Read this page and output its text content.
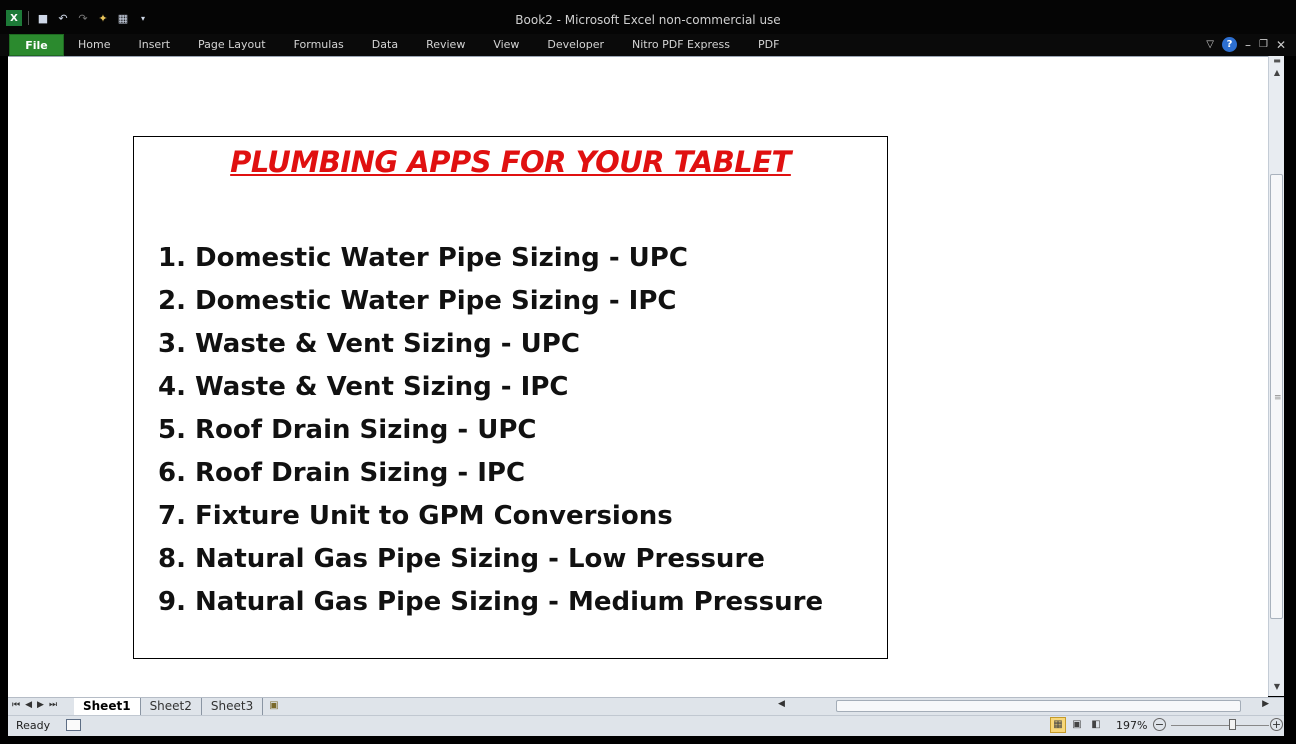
X	■ ↶ ↷ ✦ ▦	▾	Book2 - Microsoft Excel non-commercial use
File	Home	Insert	Page Layout	Formulas	Data	Review	View	Developer	Nitro PDF Express	PDF	▽	?	– ❐ ✕
PLUMBING APPS FOR YOUR TABLET
1. Domestic Water Pipe Sizing - UPC
2. Domestic Water Pipe Sizing - IPC
3. Waste & Vent Sizing - UPC
4. Waste & Vent Sizing - IPC
5. Roof Drain Sizing - UPC
6. Roof Drain Sizing - IPC
7. Fixture Unit to GPM Conversions
8. Natural Gas Pipe Sizing - Low Pressure
9. Natural Gas Pipe Sizing - Medium Pressure
▬
▲
≡
▼
⏮ ◀ ▶ ⏭	Sheet1	Sheet2	Sheet3	▣	◀	▶
Ready	▦ ▣ ◧ 197% −	+
